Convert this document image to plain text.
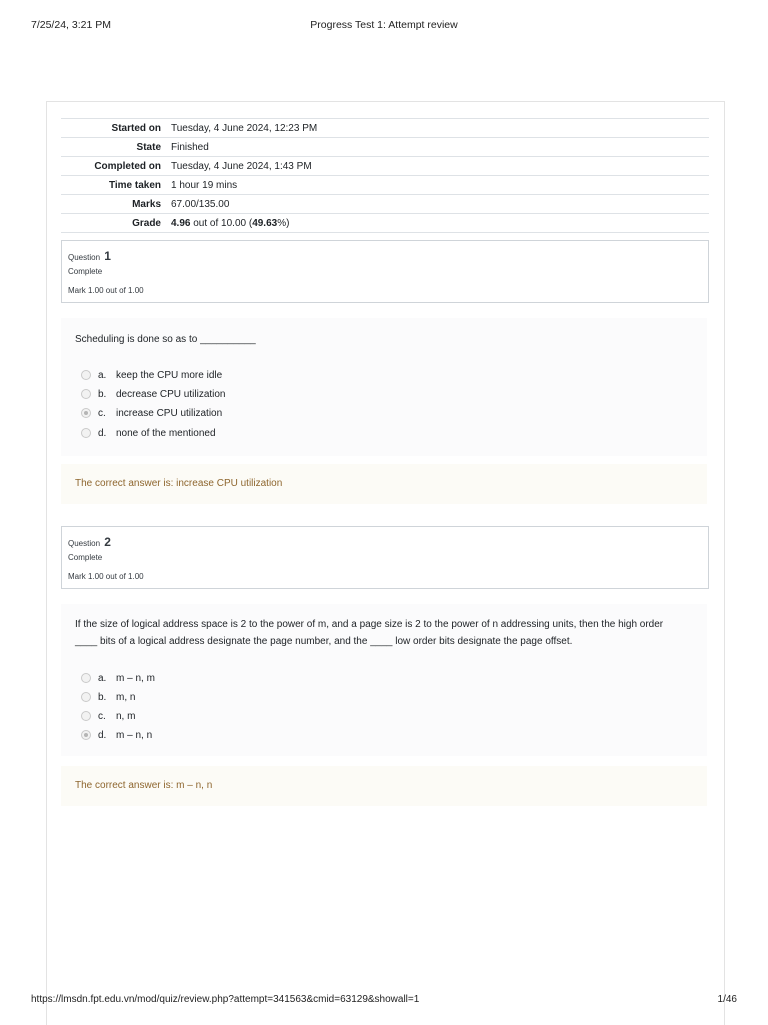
7/25/24, 3:21 PM	Progress Test 1: Attempt review
Started on	Tuesday, 4 June 2024, 12:23 PM
State	Finished
Completed on	Tuesday, 4 June 2024, 1:43 PM
Time taken	1 hour 19 mins
Marks	67.00/135.00
Grade	4.96 out of 10.00 (49.63%)
Question 1
Complete
Mark 1.00 out of 1.00
Scheduling is done so as to __________
a. keep the CPU more idle
b. decrease CPU utilization
c.	increase CPU utilization
d. none of the mentioned
The correct answer is: increase CPU utilization
Question 2
Complete
Mark 1.00 out of 1.00
If the size of logical address space is 2 to the power of m, and a page size is 2 to the power of n addressing units, then the high order
____ bits of a logical address designate the page number, and the ____ low order bits designate the page offset.
a. m – n, m
b. m, n
c.	n, m
d. m – n, n
The correct answer is: m – n, n
https://lmsdn.fpt.edu.vn/mod/quiz/review.php?attempt=341563&cmid=63129&showall=1	1/46
